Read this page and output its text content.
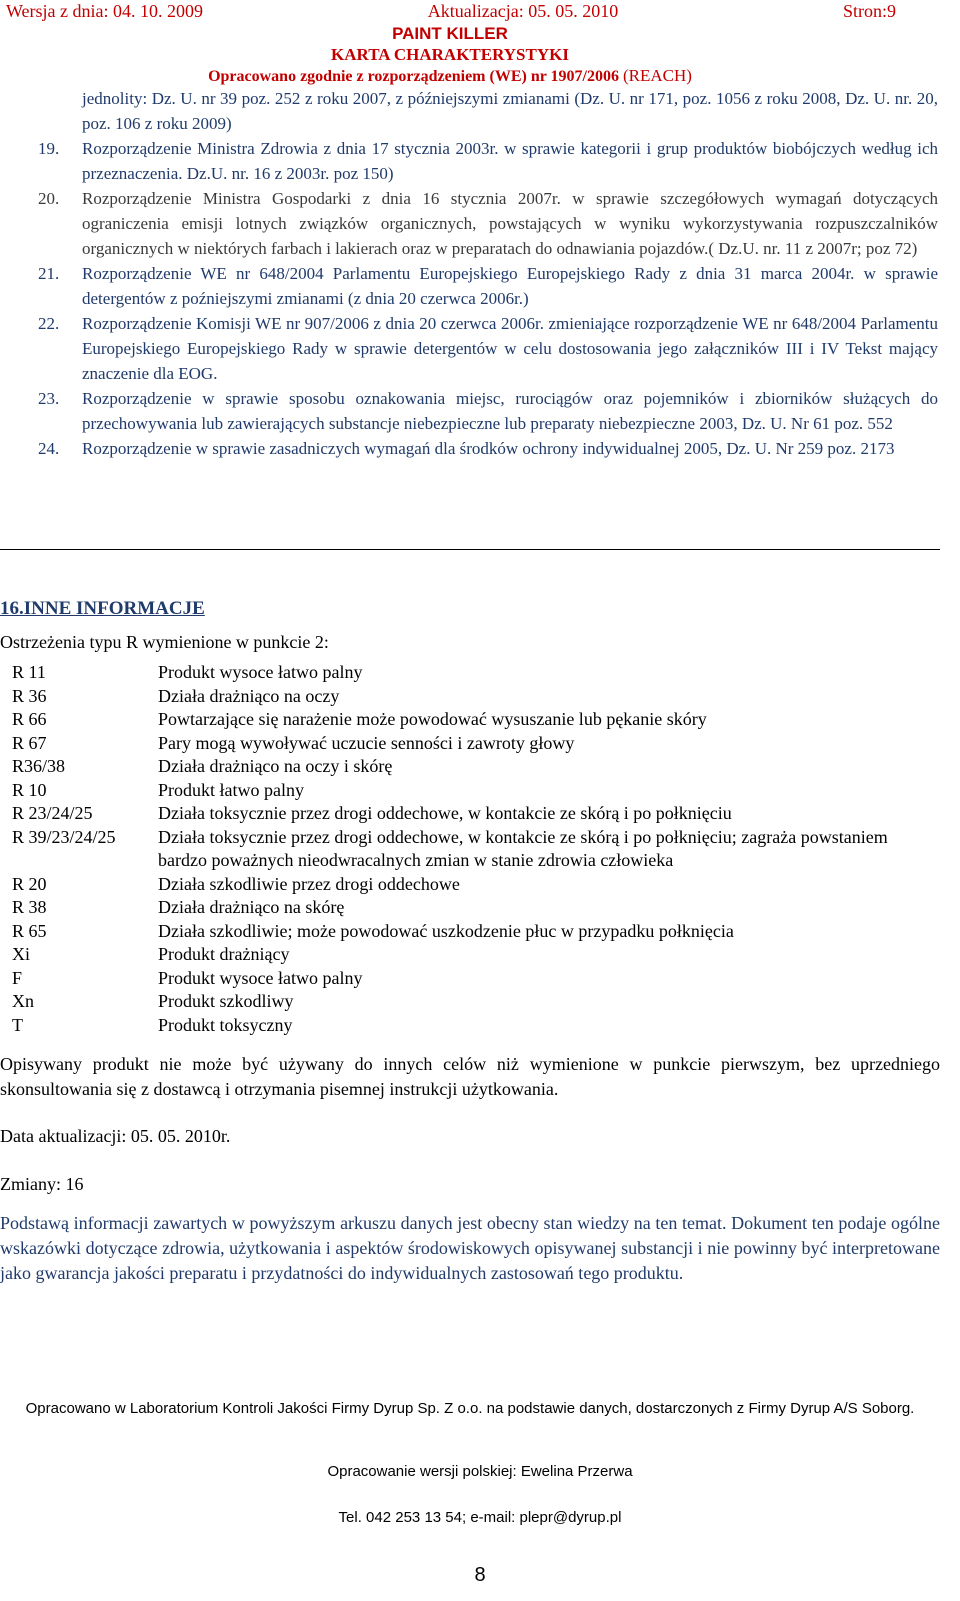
Wersja z dnia: 04. 10. 2009	Aktualizacja: 05. 05. 2010	Stron:9
PAINT KILLER
KARTA CHARAKTERYSTYKI
Opracowano zgodnie z rozporządzeniem (WE) nr 1907/2006 (REACH)
jednolity: Dz. U. nr 39 poz. 252 z roku 2007, z późniejszymi zmianami (Dz. U. nr 171, poz. 1056 z roku 2008, Dz. U. nr. 20, poz. 106 z roku 2009)
19. Rozporządzenie Ministra Zdrowia z dnia 17 stycznia 2003r. w sprawie kategorii i grup produktów biobójczych według ich przeznaczenia. Dz.U. nr. 16 z 2003r. poz 150)
20. Rozporządzenie Ministra Gospodarki z dnia 16 stycznia 2007r. w sprawie szczegółowych wymagań dotyczących ograniczenia emisji lotnych związków organicznych, powstających w wyniku wykorzystywania rozpuszczalników organicznych w niektórych farbach i lakierach oraz w preparatach do odnawiania pojazdów.( Dz.U. nr. 11 z 2007r; poz 72)
21. Rozporządzenie WE nr 648/2004 Parlamentu Europejskiego Europejskiego Rady z dnia 31 marca 2004r. w sprawie detergentów z poźniejszymi zmianami (z dnia 20 czerwca 2006r.)
22. Rozporządzenie Komisji WE nr 907/2006 z dnia 20 czerwca 2006r. zmieniające rozporządzenie WE nr 648/2004 Parlamentu Europejskiego Europejskiego Rady w sprawie detergentów w celu dostosowania jego załączników III i IV Tekst mający znaczenie dla EOG.
23. Rozporządzenie w sprawie sposobu oznakowania miejsc, rurociągów oraz pojemników i zbiorników służących do przechowywania lub zawierających substancje niebezpieczne lub preparaty niebezpieczne 2003, Dz. U. Nr 61 poz. 552
24. Rozporządzenie w sprawie zasadniczych wymagań dla środków ochrony indywidualnej 2005, Dz. U. Nr 259 poz. 2173
16.INNE INFORMACJE
Ostrzeżenia typu R wymienione w punkcie 2:
R 11	Produkt wysoce łatwo palny
R 36	Działa drażniąco na oczy
R 66	Powtarzające się narażenie może powodować wysuszanie lub pękanie skóry
R 67	Pary mogą wywoływać uczucie senności i zawroty głowy
R36/38	Działa drażniąco na oczy i skórę
R 10	Produkt łatwo palny
R 23/24/25	Działa toksycznie przez drogi oddechowe, w kontakcie ze skórą i po połknięciu
R 39/23/24/25	Działa toksycznie przez drogi oddechowe, w kontakcie ze skórą i po połknięciu; zagraża powstaniem bardzo poważnych nieodwracalnych zmian w stanie zdrowia człowieka
R 20	Działa szkodliwie przez drogi oddechowe
R 38	Działa drażniąco na skórę
R 65	Działa szkodliwie; może powodować uszkodzenie płuc w przypadku połknięcia
Xi	Produkt drażniący
F	Produkt wysoce łatwo palny
Xn	Produkt szkodliwy
T	Produkt toksyczny
Opisywany produkt nie może być używany do innych celów niż wymienione w punkcie pierwszym, bez uprzedniego skonsultowania się z dostawcą i otrzymania pisemnej instrukcji użytkowania.
Data aktualizacji: 05. 05. 2010r.
Zmiany: 16
Podstawą informacji zawartych w powyższym arkuszu danych jest obecny stan wiedzy na ten temat. Dokument ten podaje ogólne wskazówki dotyczące zdrowia, użytkowania i aspektów środowiskowych opisywanej substancji i nie powinny być interpretowane jako gwarancja jakości preparatu i przydatności do indywidualnych zastosowań tego produktu.
Opracowano w Laboratorium Kontroli Jakości Firmy Dyrup Sp. Z o.o. na podstawie danych, dostarczonych z Firmy Dyrup A/S Soborg.
Opracowanie wersji polskiej: Ewelina Przerwa
Tel. 042 253 13 54; e-mail: plepr@dyrup.pl
8
